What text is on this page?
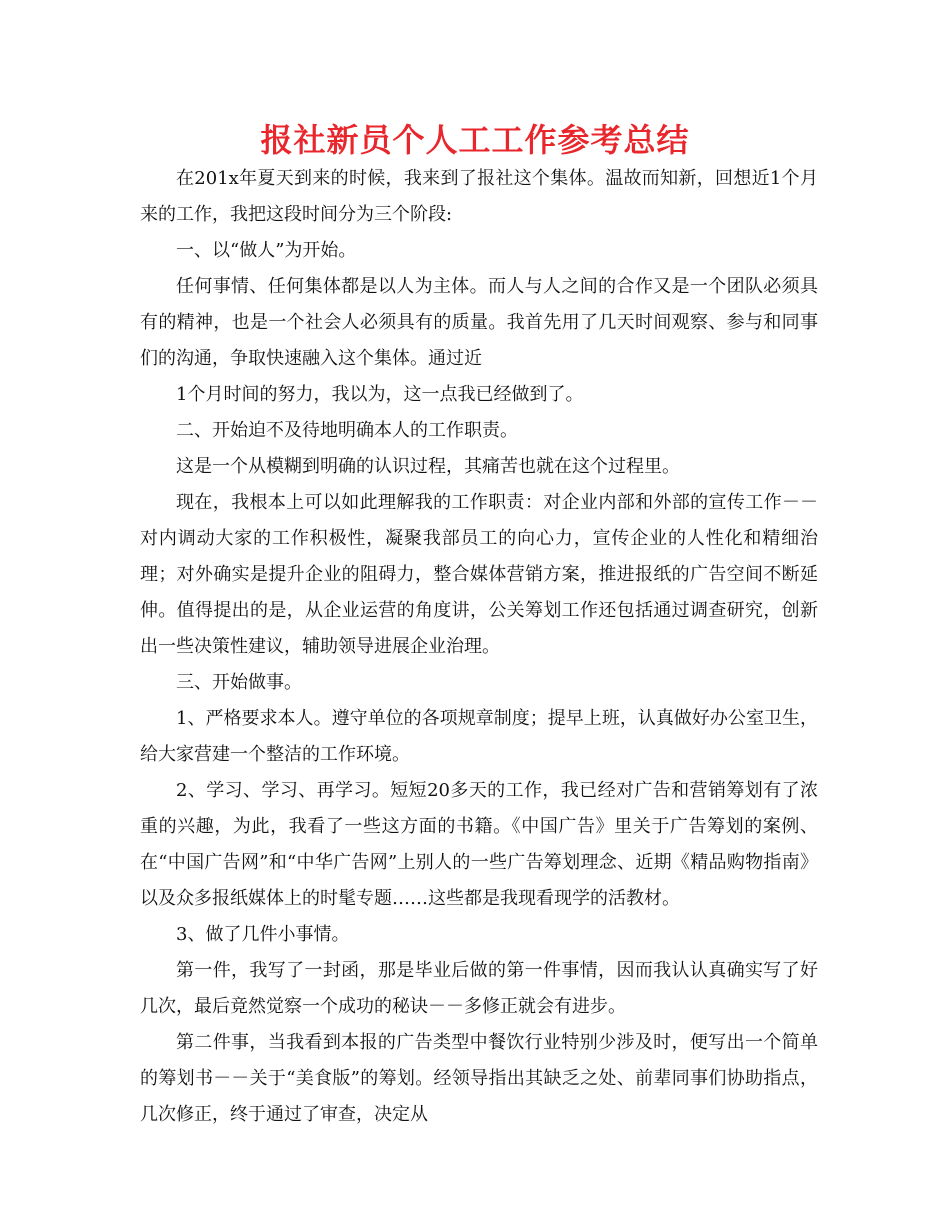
报社新员个人工工作参考总结

在201x年夏天到来的时候，我来到了报社这个集体。温故而知新，回想近1个月来的工作，我把这段时间分为三个阶段:

一、以“做人”为开始。

任何事情、任何集体都是以人为主体。而人与人之间的合作又是一个团队必须具有的精神，也是一个社会人必须具有的质量。我首先用了几天时间观察、参与和同事们的沟通，争取快速融入这个集体。通过近

1个月时间的努力，我以为，这一点我已经做到了。

二、开始迫不及待地明确本人的工作职责。

这是一个从模糊到明确的认识过程，其痛苦也就在这个过程里。

现在，我根本上可以如此理解我的工作职责：对企业内部和外部的宣传工作－－对内调动大家的工作积极性，凝聚我部员工的向心力，宣传企业的人性化和精细治理；对外确实是提升企业的阻碍力，整合媒体营销方案，推进报纸的广告空间不断延伸。值得提出的是，从企业运营的角度讲，公关筹划工作还包括通过调查研究，创新出一些决策性建议，辅助领导进展企业治理。

三、开始做事。

1、严格要求本人。遵守单位的各项规章制度；提早上班，认真做好办公室卫生，给大家营建一个整洁的工作环境。

2、学习、学习、再学习。短短20多天的工作，我已经对广告和营销筹划有了浓重的兴趣，为此，我看了一些这方面的书籍。《中国广告》里关于广告筹划的案例、在“中国广告网”和“中华广告网”上别人的一些广告筹划理念、近期《精品购物指南》以及众多报纸媒体上的时髦专题……这些都是我现看现学的活教材。

3、做了几件小事情。

第一件，我写了一封函，那是毕业后做的第一件事情，因而我认认真确实写了好几次，最后竟然觉察一个成功的秘诀－－多修正就会有进步。

第二件事，当我看到本报的广告类型中餐饮行业特别少涉及时，便写出一个简单的筹划书－－关于“美食版”的筹划。经领导指出其缺乏之处、前辈同事们协助指点，几次修正，终于通过了审查，决定从
